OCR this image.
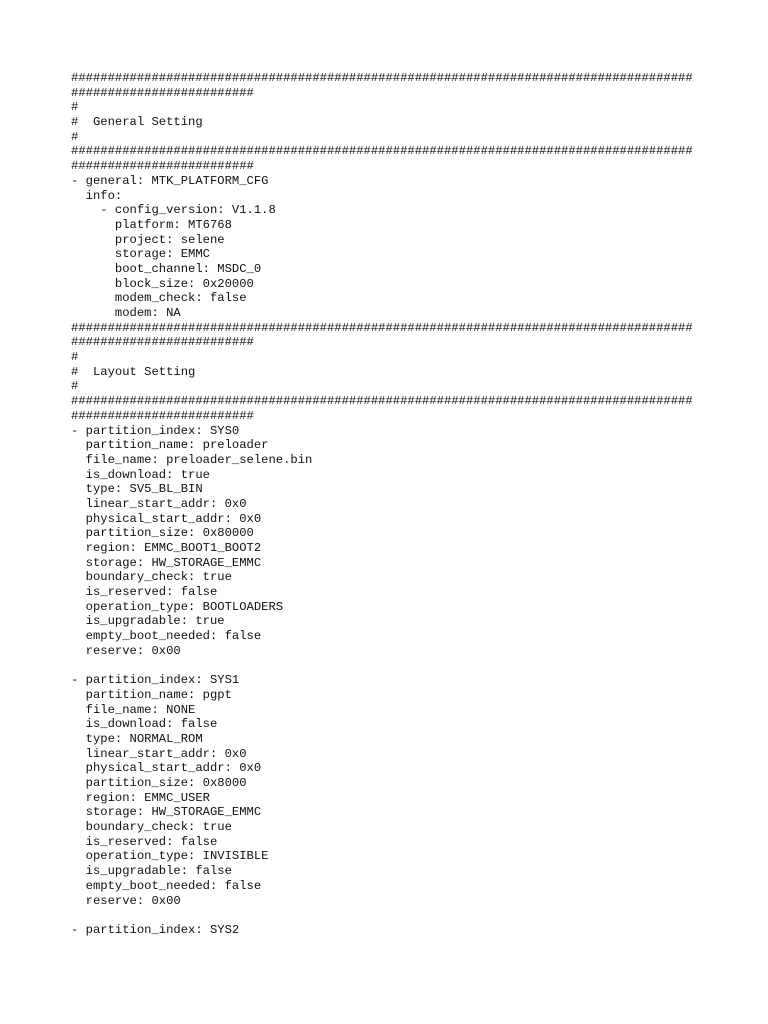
#####################################################################################
#########################
#
#  General Setting
#
#####################################################################################
#########################
- general: MTK_PLATFORM_CFG
info:
- config_version: V1.1.8
platform: MT6768
project: selene
storage: EMMC
boot_channel: MSDC_0
block_size: 0x20000
modem_check: false
modem: NA
#####################################################################################
#########################
#
#  Layout Setting
#
#####################################################################################
#########################
- partition_index: SYS0
partition_name: preloader
file_name: preloader_selene.bin
is_download: true
type: SV5_BL_BIN
linear_start_addr: 0x0
physical_start_addr: 0x0
partition_size: 0x80000
region: EMMC_BOOT1_BOOT2
storage: HW_STORAGE_EMMC
boundary_check: true
is_reserved: false
operation_type: BOOTLOADERS
is_upgradable: true
empty_boot_needed: false
reserve: 0x00
- partition_index: SYS1
partition_name: pgpt
file_name: NONE
is_download: false
type: NORMAL_ROM
linear_start_addr: 0x0
physical_start_addr: 0x0
partition_size: 0x8000
region: EMMC_USER
storage: HW_STORAGE_EMMC
boundary_check: true
is_reserved: false
operation_type: INVISIBLE
is_upgradable: false
empty_boot_needed: false
reserve: 0x00
- partition_index: SYS2
